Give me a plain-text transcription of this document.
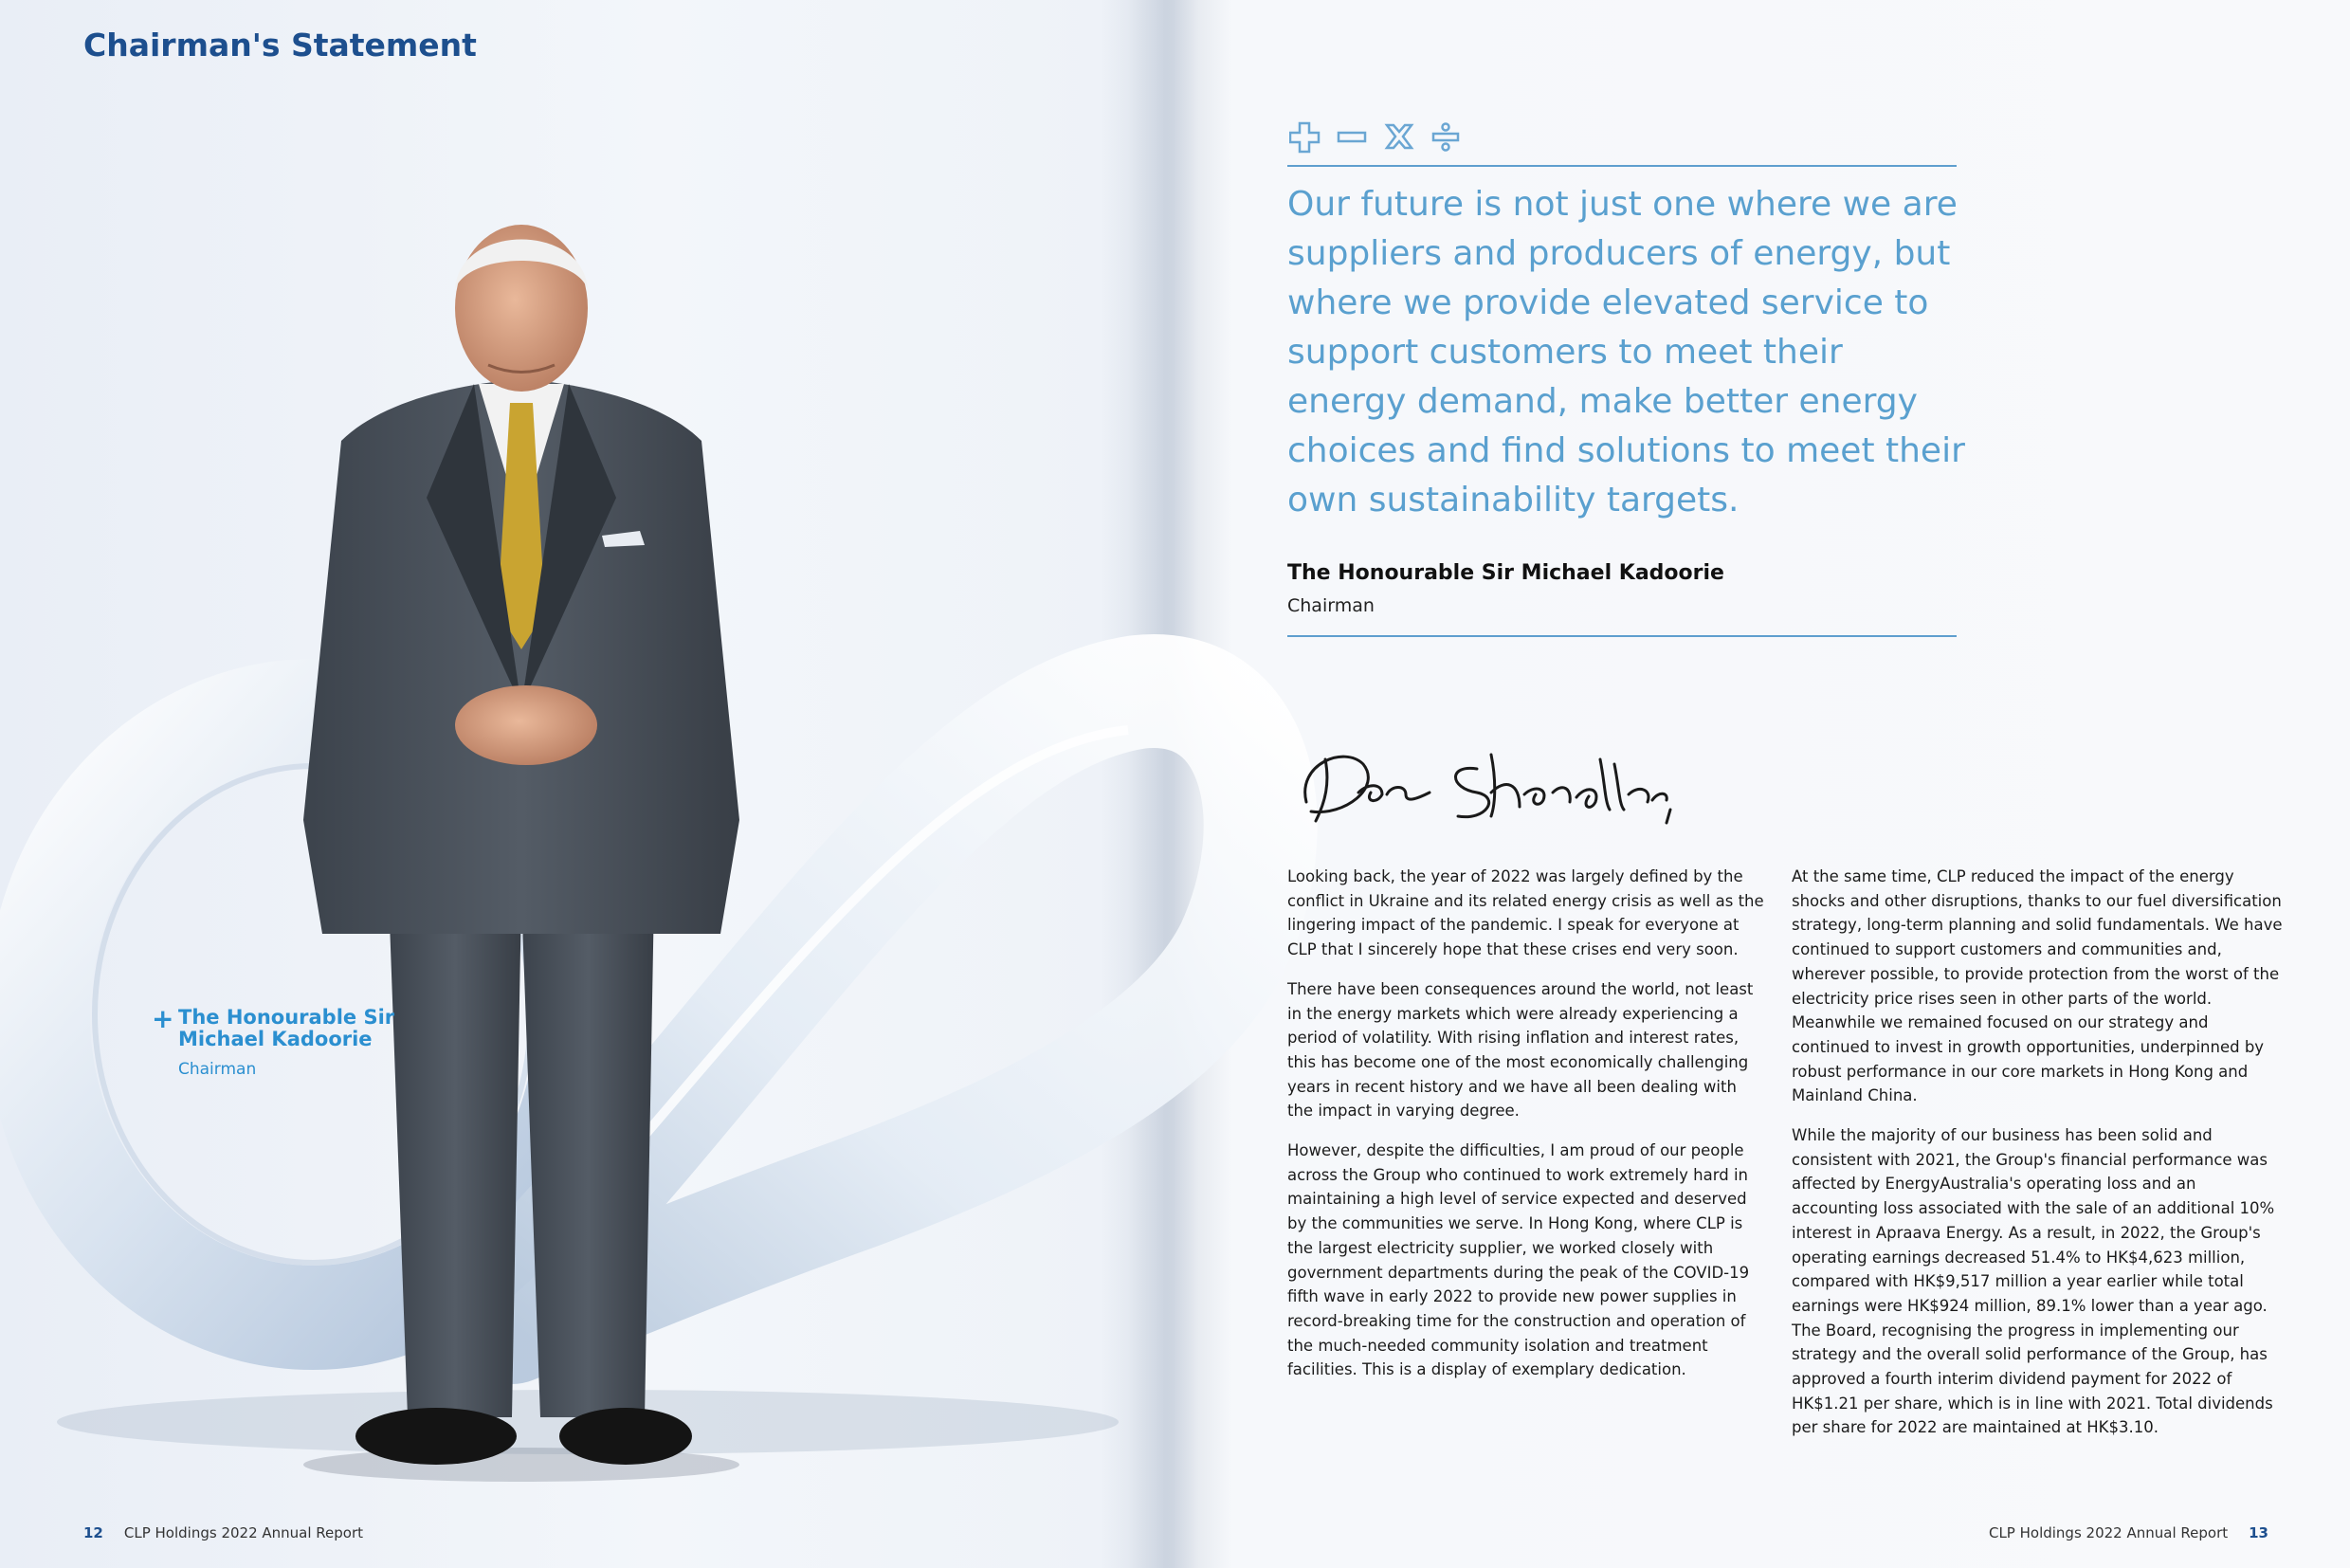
Chairman's Statement
+ The Honourable Sir Michael Kadoorie

Chairman

Our future is not just one where we are suppliers and producers of energy, but where we provide elevated service to support customers to meet their energy demand, make better energy choices and find solutions to meet their own sustainability targets.

The Honourable Sir Michael Kadoorie

Chairman

Looking back, the year of 2022 was largely defined by the conflict in Ukraine and its related energy crisis as well as the lingering impact of the pandemic. I speak for everyone at CLP that I sincerely hope that these crises end very soon.

There have been consequences around the world, not least in the energy markets which were already experiencing a period of volatility. With rising inflation and interest rates, this has become one of the most economically challenging years in recent history and we have all been dealing with the impact in varying degree.

However, despite the difficulties, I am proud of our people across the Group who continued to work extremely hard in maintaining a high level of service expected and deserved by the communities we serve. In Hong Kong, where CLP is the largest electricity supplier, we worked closely with government departments during the peak of the COVID-19 fifth wave in early 2022 to provide new power supplies in record-breaking time for the construction and operation of the much-needed community isolation and treatment facilities. This is a display of exemplary dedication.

At the same time, CLP reduced the impact of the energy shocks and other disruptions, thanks to our fuel diversification strategy, long-term planning and solid fundamentals. We have continued to support customers and communities and, wherever possible, to provide protection from the worst of the electricity price rises seen in other parts of the world. Meanwhile we remained focused on our strategy and continued to invest in growth opportunities, underpinned by robust performance in our core markets in Hong Kong and Mainland China.

While the majority of our business has been solid and consistent with 2021, the Group's financial performance was affected by EnergyAustralia's operating loss and an accounting loss associated with the sale of an additional 10% interest in Apraava Energy. As a result, in 2022, the Group's operating earnings decreased 51.4% to HK$4,623 million, compared with HK$9,517 million a year earlier while total earnings were HK$924 million, 89.1% lower than a year ago. The Board, recognising the progress in implementing our strategy and the overall solid performance of the Group, has approved a fourth interim dividend payment for 2022 of HK$1.21 per share, which is in line with 2021. Total dividends per share for 2022 are maintained at HK$3.10.

12 CLP Holdings 2022 Annual Report	CLP Holdings 2022 Annual Report 13
